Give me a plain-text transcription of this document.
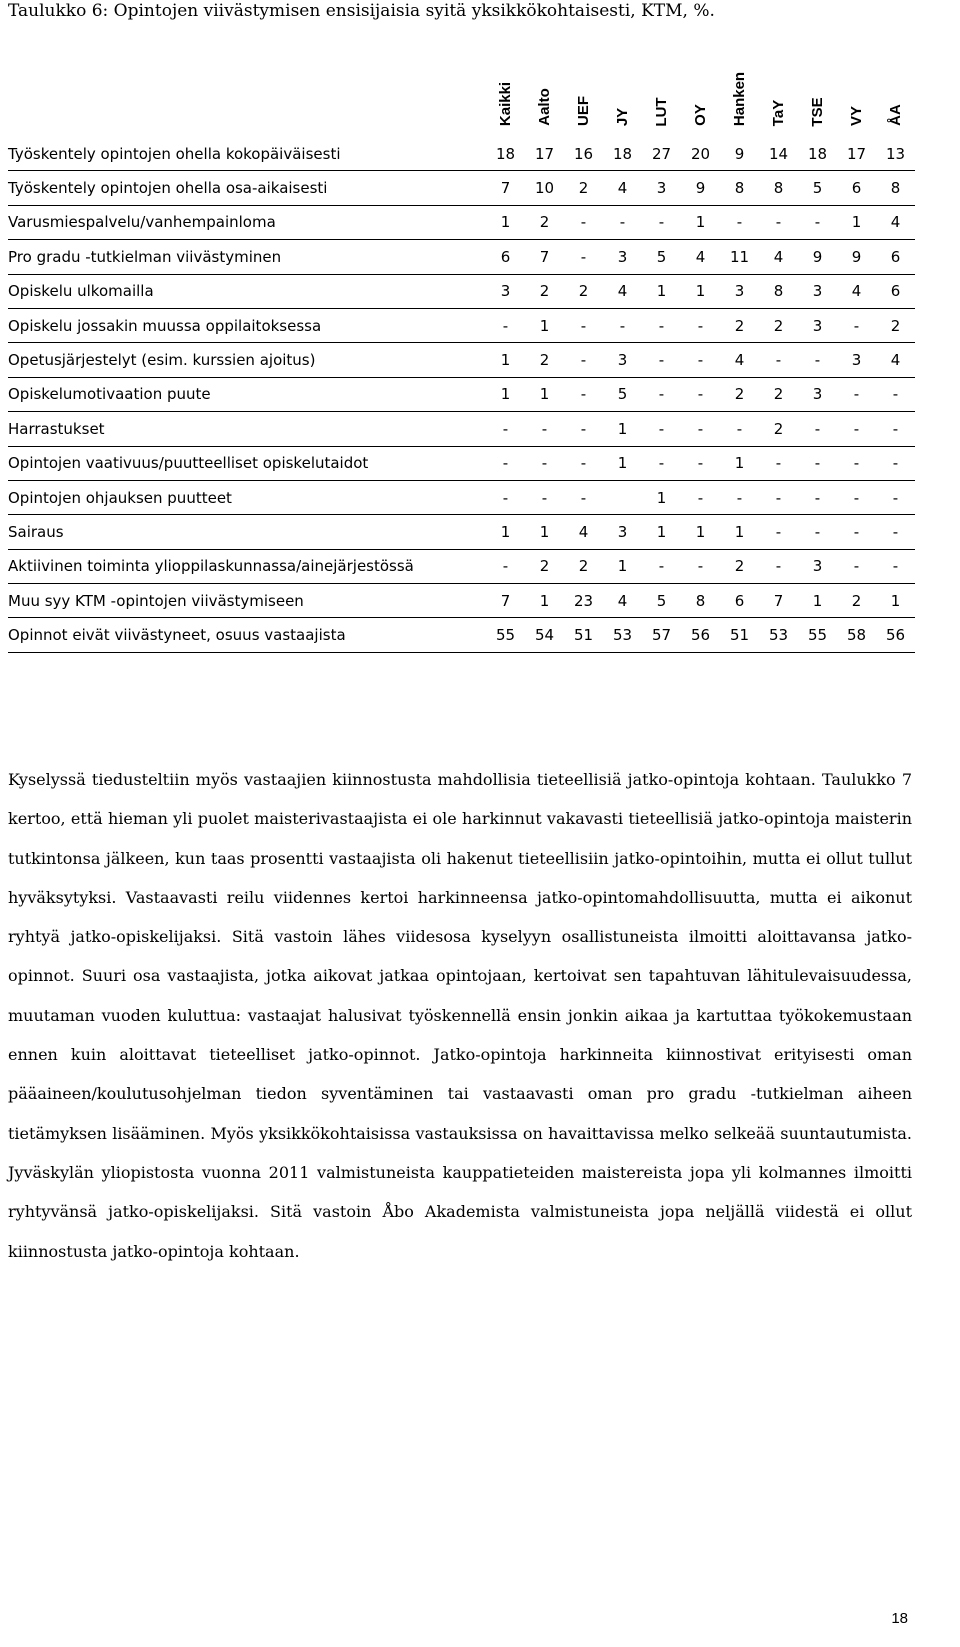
Taulukko 6: Opintojen viivästymisen ensisijaisia syitä yksikkökohtaisesti, KTM, %.
Kaikki Aalto UEF JY LUT OY Hanken TaY TSE VY ÅA
Työskentely opintojen ohella kokopäiväisesti	18	17	16	18	27	20	9	14	18	17	13
Työskentely opintojen ohella osa-aikaisesti	7	10	2	4	3	9	8	8	5	6	8
Varusmiespalvelu/vanhempainloma	1	2	-	-	-	1	-	-	-	1	4
Pro gradu -tutkielman viivästyminen	6	7	-	3	5	4	11	4	9	9	6
Opiskelu ulkomailla	3	2	2	4	1	1	3	8	3	4	6
Opiskelu jossakin muussa oppilaitoksessa	-	1	-	-	-	-	2	2	3	-	2
Opetusjärjestelyt (esim. kurssien ajoitus)	1	2	-	3	-	-	4	-	-	3	4
Opiskelumotivaation puute	1	1	-	5	-	-	2	2	3	-	-
Harrastukset	-	-	-	1	-	-	-	2	-	-	-
Opintojen vaativuus/puutteelliset opiskelutaidot	-	-	-	1	-	-	1	-	-	-	-
Opintojen ohjauksen puutteet	-	-	-		1	-	-	-	-	-	-
Sairaus	1	1	4	3	1	1	1	-	-	-	-
Aktiivinen toiminta ylioppilaskunnassa/ainejärjestössä	-	2	2	1	-	-	2	-	3	-	-
Muu syy KTM -opintojen viivästymiseen	7	1	23	4	5	8	6	7	1	2	1
Opinnot eivät viivästyneet, osuus vastaajista	55	54	51	53	57	56	51	53	55	58	56

Kyselyssä tiedusteltiin myös vastaajien kiinnostusta mahdollisia tieteellisiä jatko-opintoja kohtaan. Taulukko 7 kertoo, että hieman yli puolet maisterivastaajista ei ole harkinnut vakavasti tieteellisiä jatko-opintoja maisterin tutkintonsa jälkeen, kun taas prosentti vastaajista oli hakenut tieteellisiin jatko-opintoihin, mutta ei ollut tullut hyväksytyksi. Vastaavasti reilu viidennes kertoi harkinneensa jatko-opintomahdollisuutta, mutta ei aikonut ryhtyä jatko-opiskelijaksi. Sitä vastoin lähes viidesosa kyselyyn osallistuneista ilmoitti aloittavansa jatko-opinnot. Suuri osa vastaajista, jotka aikovat jatkaa opintojaan, kertoivat sen tapahtuvan lähitulevaisuudessa, muutaman vuoden kuluttua: vastaajat halusivat työskennellä ensin jonkin aikaa ja kartuttaa työkokemustaan ennen kuin aloittavat tieteelliset jatko-opinnot. Jatko-opintoja harkinneita kiinnostivat erityisesti oman pääaineen/koulutusohjelman tiedon syventäminen tai vastaavasti oman pro gradu -tutkielman aiheen tietämyksen lisääminen. Myös yksikkökohtaisissa vastauksissa on havaittavissa melko selkeää suuntautumista. Jyväskylän yliopistosta vuonna 2011 valmistuneista kauppatieteiden maistereista jopa yli kolmannes ilmoitti ryhtyvänsä jatko-opiskelijaksi. Sitä vastoin Åbo Akademista valmistuneista jopa neljällä viidestä ei ollut kiinnostusta jatko-opintoja kohtaan.

18
